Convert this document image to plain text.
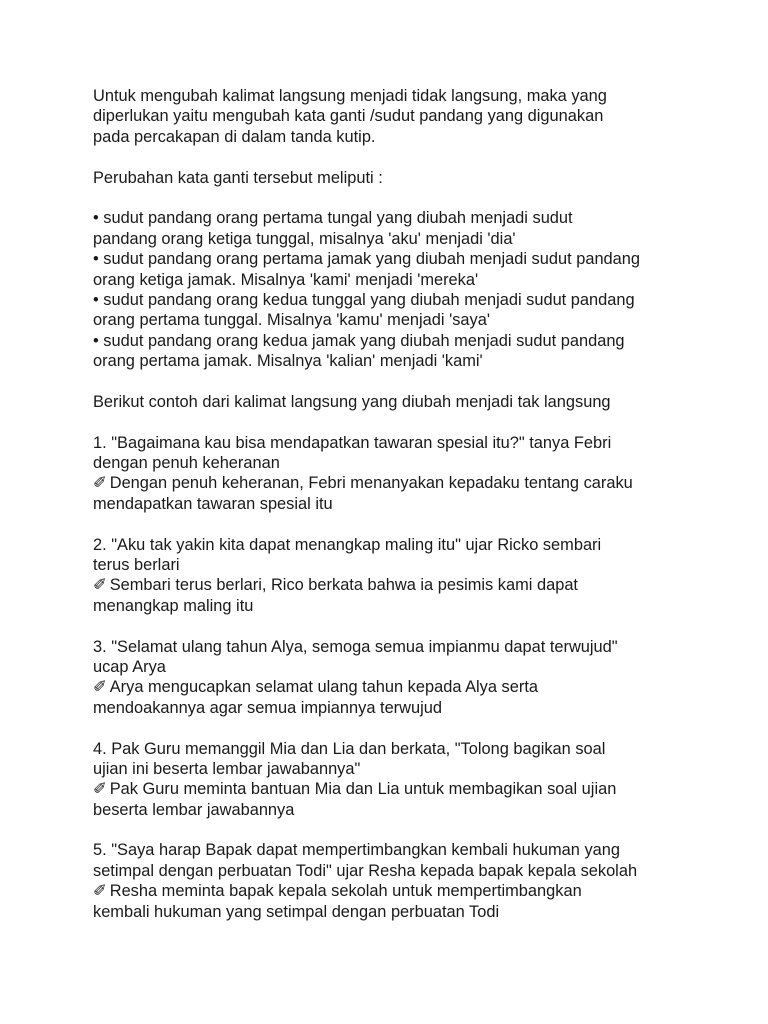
Untuk mengubah kalimat langsung menjadi tidak langsung, maka yang
diperlukan yaitu mengubah kata ganti /sudut pandang yang digunakan
pada percakapan di dalam tanda kutip.
Perubahan kata ganti tersebut meliputi :
• sudut pandang orang pertama tungal yang diubah menjadi sudut
pandang orang ketiga tunggal, misalnya 'aku' menjadi 'dia'
• sudut pandang orang pertama jamak yang diubah menjadi sudut pandang
orang ketiga jamak. Misalnya 'kami' menjadi 'mereka'
• sudut pandang orang kedua tunggal yang diubah menjadi sudut pandang
orang pertama tunggal. Misalnya 'kamu' menjadi 'saya'
• sudut pandang orang kedua jamak yang diubah menjadi sudut pandang
orang pertama jamak. Misalnya 'kalian' menjadi 'kami'
Berikut contoh dari kalimat langsung yang diubah menjadi tak langsung
1. "Bagaimana kau bisa mendapatkan tawaran spesial itu?" tanya Febri
dengan penuh keheranan
✐ Dengan penuh keheranan, Febri menanyakan kepadaku tentang caraku
mendapatkan tawaran spesial itu
2. "Aku tak yakin kita dapat menangkap maling itu" ujar Ricko sembari
terus berlari
✐ Sembari terus berlari, Rico berkata bahwa ia pesimis kami dapat
menangkap maling itu
3. "Selamat ulang tahun Alya, semoga semua impianmu dapat terwujud"
ucap Arya
✐ Arya mengucapkan selamat ulang tahun kepada Alya serta
mendoakannya agar semua impiannya terwujud
4. Pak Guru memanggil Mia dan Lia dan berkata, "Tolong bagikan soal
ujian ini beserta lembar jawabannya"
✐ Pak Guru meminta bantuan Mia dan Lia untuk membagikan soal ujian
beserta lembar jawabannya
5. "Saya harap Bapak dapat mempertimbangkan kembali hukuman yang
setimpal dengan perbuatan Todi" ujar Resha kepada bapak kepala sekolah
✐ Resha meminta bapak kepala sekolah untuk mempertimbangkan
kembali hukuman yang setimpal dengan perbuatan Todi
